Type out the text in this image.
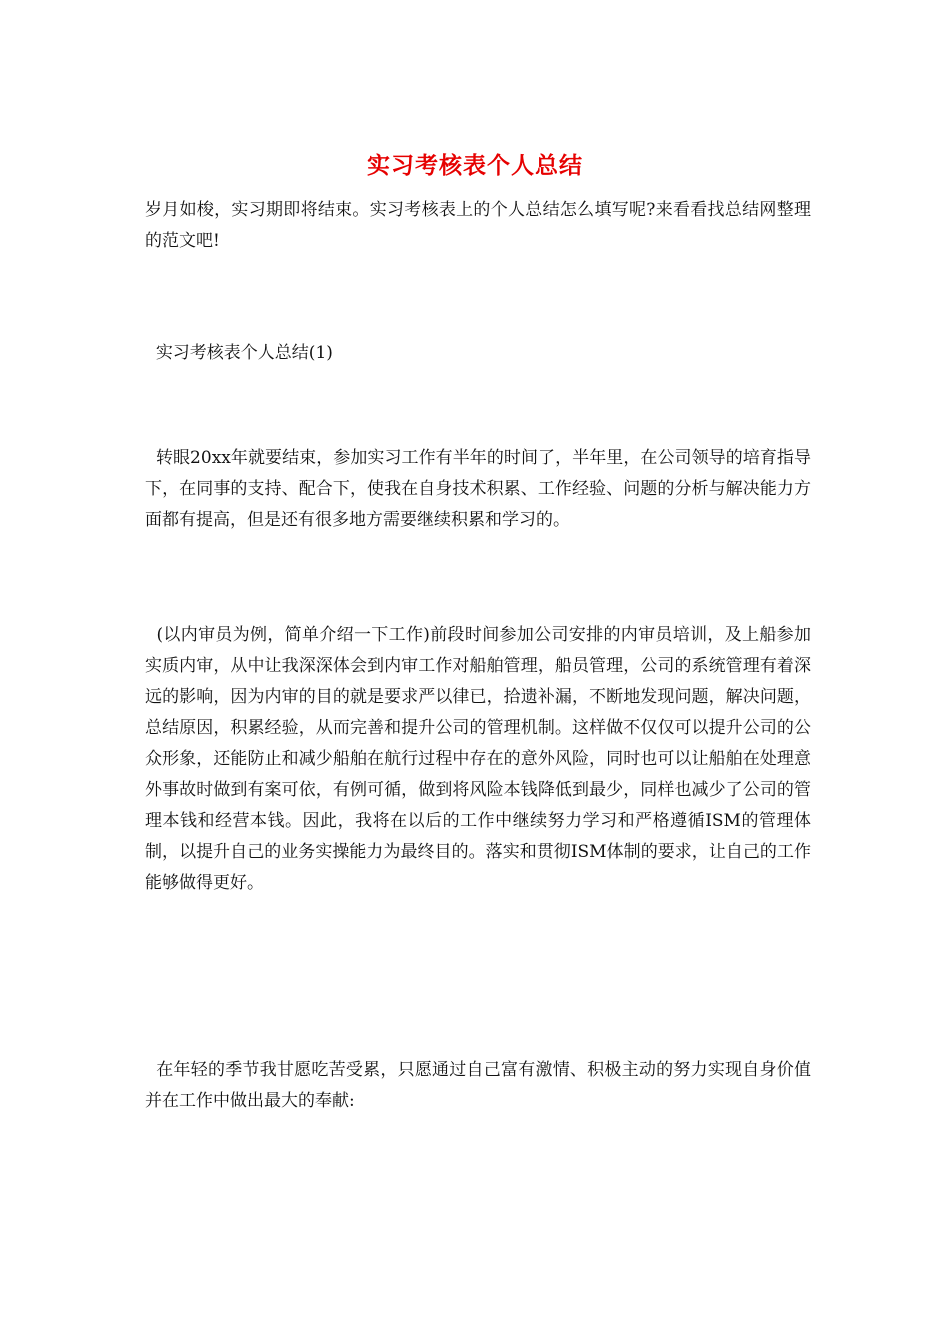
实习考核表个人总结

岁月如梭，实习期即将结束。实习考核表上的个人总结怎么填写呢?来看看找总结网整理的范文吧!

实习考核表个人总结(1)

转眼20xx年就要结束，参加实习工作有半年的时间了，半年里，在公司领导的培育指导下，在同事的支持、配合下，使我在自身技术积累、工作经验、问题的分析与解决能力方面都有提高，但是还有很多地方需要继续积累和学习的。

(以内审员为例，简单介绍一下工作)前段时间参加公司安排的内审员培训，及上船参加实质内审，从中让我深深体会到内审工作对船舶管理，船员管理，公司的系统管理有着深远的影响，因为内审的目的就是要求严以律已，拾遗补漏，不断地发现问题，解决问题，总结原因，积累经验，从而完善和提升公司的管理机制。这样做不仅仅可以提升公司的公众形象，还能防止和减少船舶在航行过程中存在的意外风险，同时也可以让船舶在处理意外事故时做到有案可依，有例可循，做到将风险本钱降低到最少，同样也减少了公司的管理本钱和经营本钱。因此，我将在以后的工作中继续努力学习和严格遵循ISM的管理体制，以提升自己的业务实操能力为最终目的。落实和贯彻ISM体制的要求，让自己的工作能够做得更好。

在年轻的季节我甘愿吃苦受累，只愿通过自己富有激情、积极主动的努力实现自身价值并在工作中做出最大的奉献:
